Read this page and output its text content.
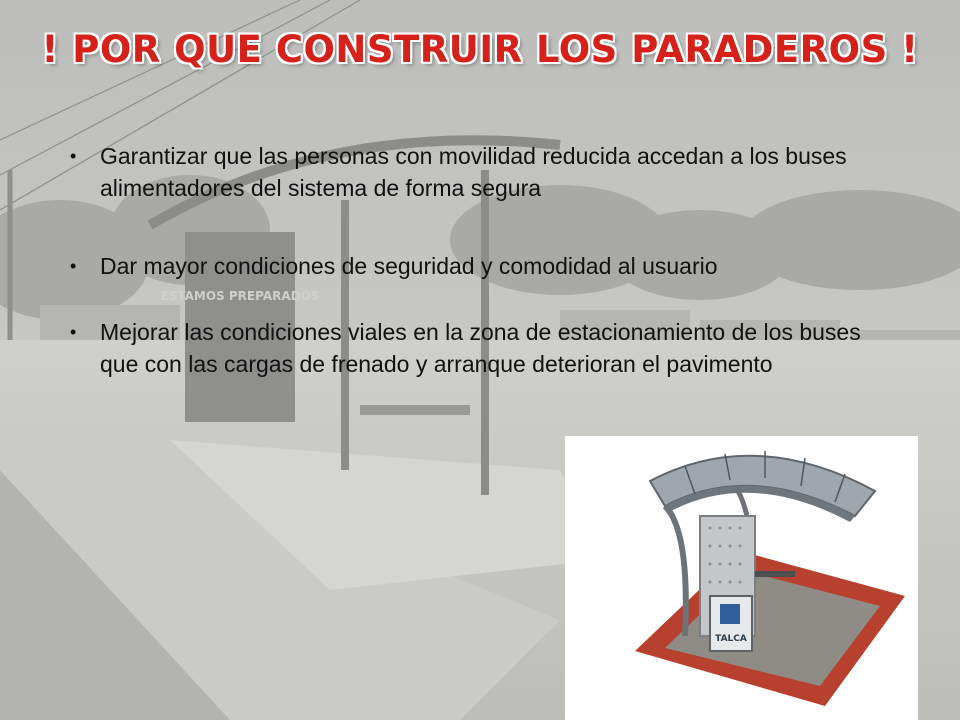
ESTAMOS PREPARADOS
! POR QUE CONSTRUIR LOS PARADEROS !
• Garantizar que las personas con movilidad reducida accedan a los buses alimentadores del sistema de forma segura
• Dar mayor condiciones de seguridad y comodidad al usuario
• Mejorar las condiciones viales en la zona de estacionamiento de los buses que con las cargas de frenado y arranque deterioran el pavimento
TALCA
